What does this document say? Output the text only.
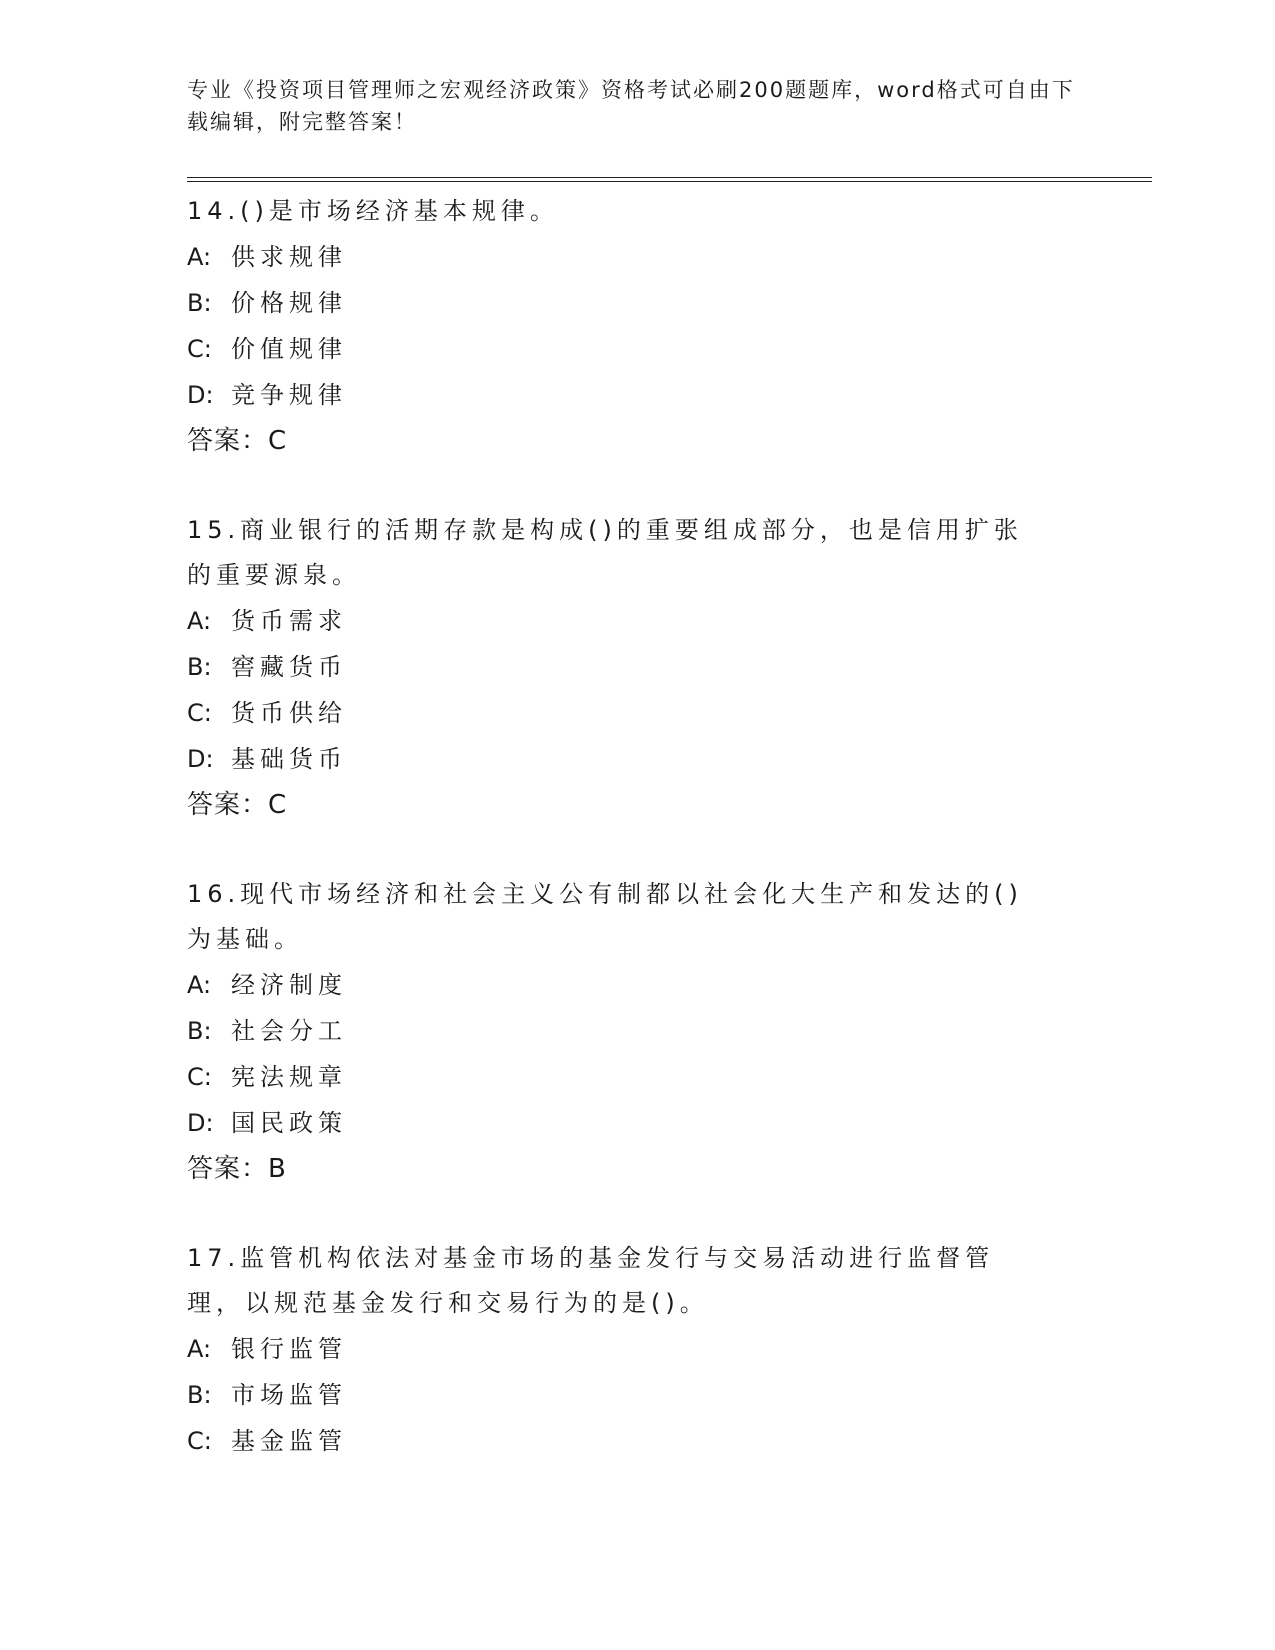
专业《投资项目管理师之宏观经济政策》资格考试必刷200题题库，word格式可自由下载编辑，附完整答案！
14.()是市场经济基本规律。
A: 供求规律
B: 价格规律
C: 价值规律
D: 竞争规律
答案：C
15.商业银行的活期存款是构成()的重要组成部分，也是信用扩张的重要源泉。
A: 货币需求
B: 窖藏货币
C: 货币供给
D: 基础货币
答案：C
16.现代市场经济和社会主义公有制都以社会化大生产和发达的()为基础。
A: 经济制度
B: 社会分工
C: 宪法规章
D: 国民政策
答案：B
17.监管机构依法对基金市场的基金发行与交易活动进行监督管理，以规范基金发行和交易行为的是()。
A: 银行监管
B: 市场监管
C: 基金监管
